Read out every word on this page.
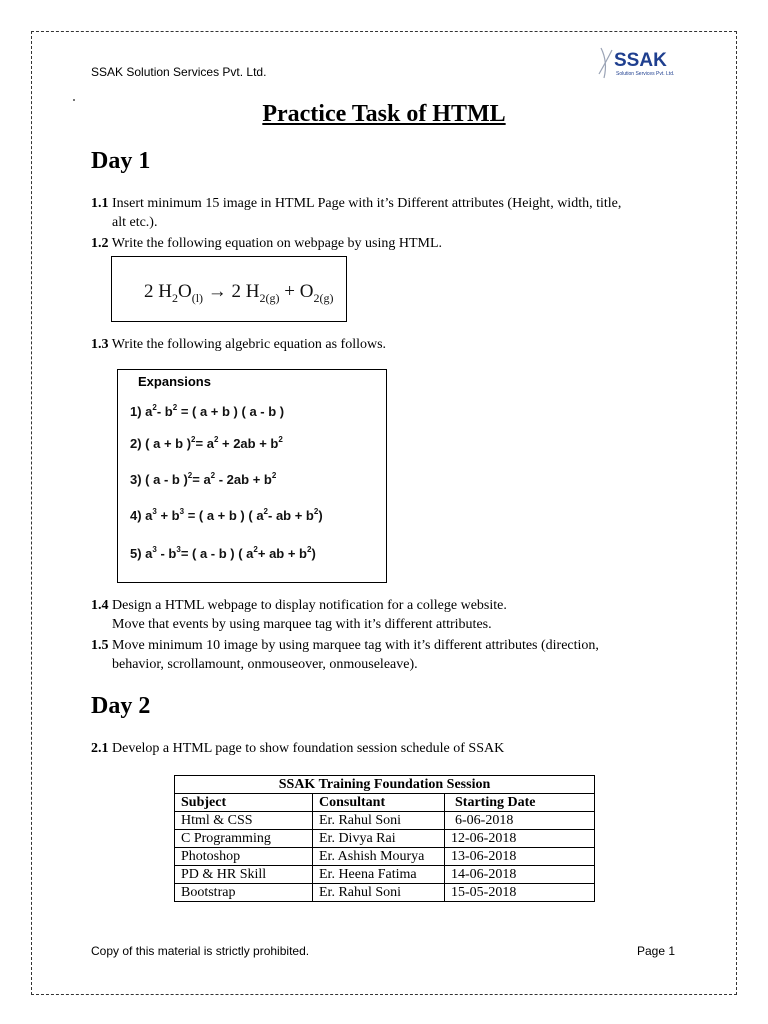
SSAK Solution Services Pvt. Ltd.
SSAK
Solution Services Pvt. Ltd.
Practice Task of HTML
Day 1
1.1 Insert minimum 15 image in HTML Page with it’s Different attributes (Height, width, title,
alt etc.).
1.2 Write the following equation on webpage by using HTML.
2 $H_2O_{(l)} \to 2$ $H_{2(g)} + O_{2(g)}$
2 H₂O(l) → 2 H₂(g) + O₂(g)
1.3 Write the following algebric equation as follows.
Expansions
1) $a^2-$ $b^2$ = ( a + b ) ( a - b )
1) a² - b² = ( a + b ) ( a - b )
2) ( a + b )$^2= a^2 + 2ab + b^2$
2) ( a + b )² = a² + 2ab + b²
3) ( a - b )$^2= a^2 - 2ab + b^2$
3) ( a - b )² = a² - 2ab + b²
4) $a^3 + b^3$ = ( a + b ) ( $a^2-$ ab + $b^2$)
4) a³ + b³ = ( a + b ) ( a² - ab + b² )
5) $a^3 - b^3=$ ( a - b ) ( $a^2+$ ab + $b^2$)
5) a³ - b³ = ( a - b ) ( a² + ab + b² )
1.4 Design a HTML webpage to display notification for a college website.
Move that events by using marquee tag with it’s different attributes.
1.5 Move minimum 10 image by using marquee tag with it’s different attributes (direction,
behavior, scrollamount, onmouseover, onmouseleave).
Day 2
2.1 Develop a HTML page to show foundation session schedule of SSAK
SSAK Training Foundation Session		
Subject	Consultant	Starting Date
Html & CSS	Er. Rahul Soni	6-06-2018
C Programming	Er. Divya Rai	12-06-2018
Photoshop	Er. Ashish Mourya	13-06-2018
PD & HR Skill	Er. Heena Fatima	14-06-2018
Bootstrap	Er. Rahul Soni	15-05-2018
Copy of this material is strictly prohibited.	Page 1
